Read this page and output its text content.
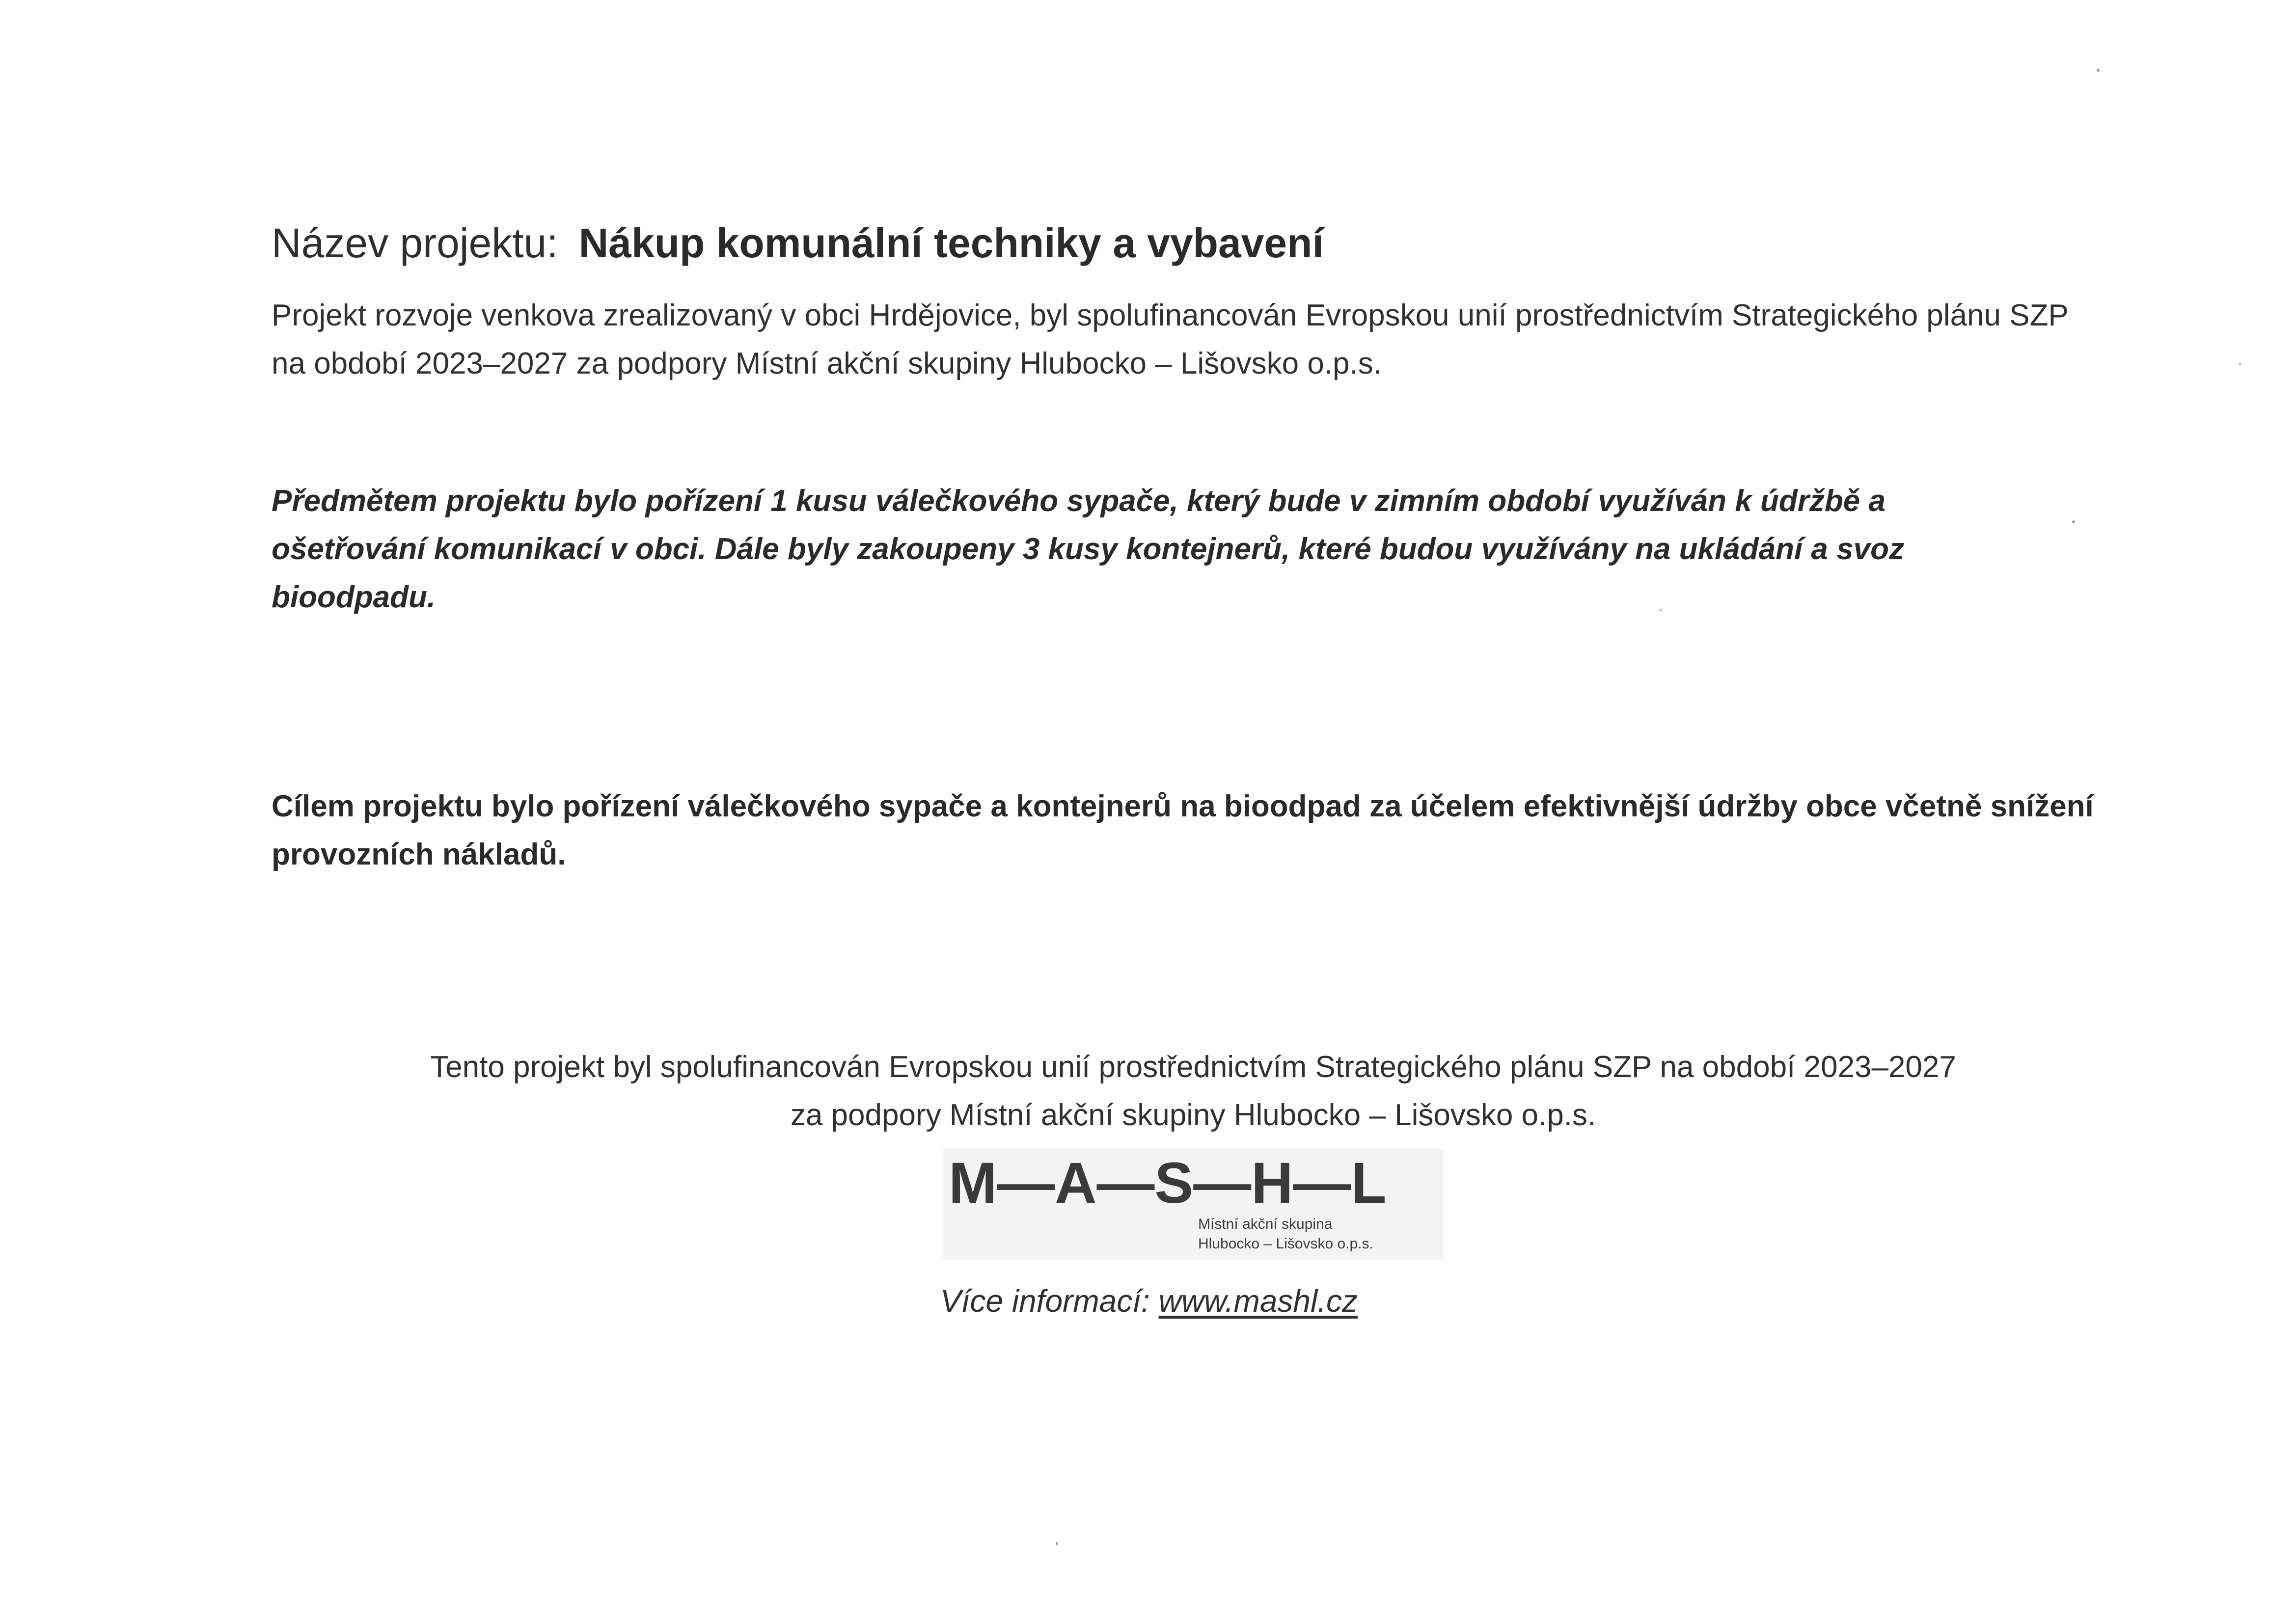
Název projektu: Nákup komunální techniky a vybavení
Projekt rozvoje venkova zrealizovaný v obci Hrdějovice, byl spolufinancován Evropskou unií prostřednictvím Strategického plánu SZP na období 2023–2027 za podpory Místní akční skupiny Hlubocko – Lišovsko o.p.s.
Předmětem projektu bylo pořízení 1 kusu válečkového sypače, který bude v zimním období využíván k údržbě a ošetřování komunikací v obci. Dále byly zakoupeny 3 kusy kontejnerů, které budou využívány na ukládání a svoz bioodpadu.
Cílem projektu bylo pořízení válečkového sypače a kontejnerů na bioodpad za účelem efektivnější údržby obce včetně snížení provozních nákladů.
Tento projekt byl spolufinancován Evropskou unií prostřednictvím Strategického plánu SZP na období 2023–2027
za podpory Místní akční skupiny Hlubocko – Lišovsko o.p.s.
M—A—S—H—L
Místní akční skupina
Hlubocko – Lišovsko o.p.s.
Více informací: www.mashl.cz
